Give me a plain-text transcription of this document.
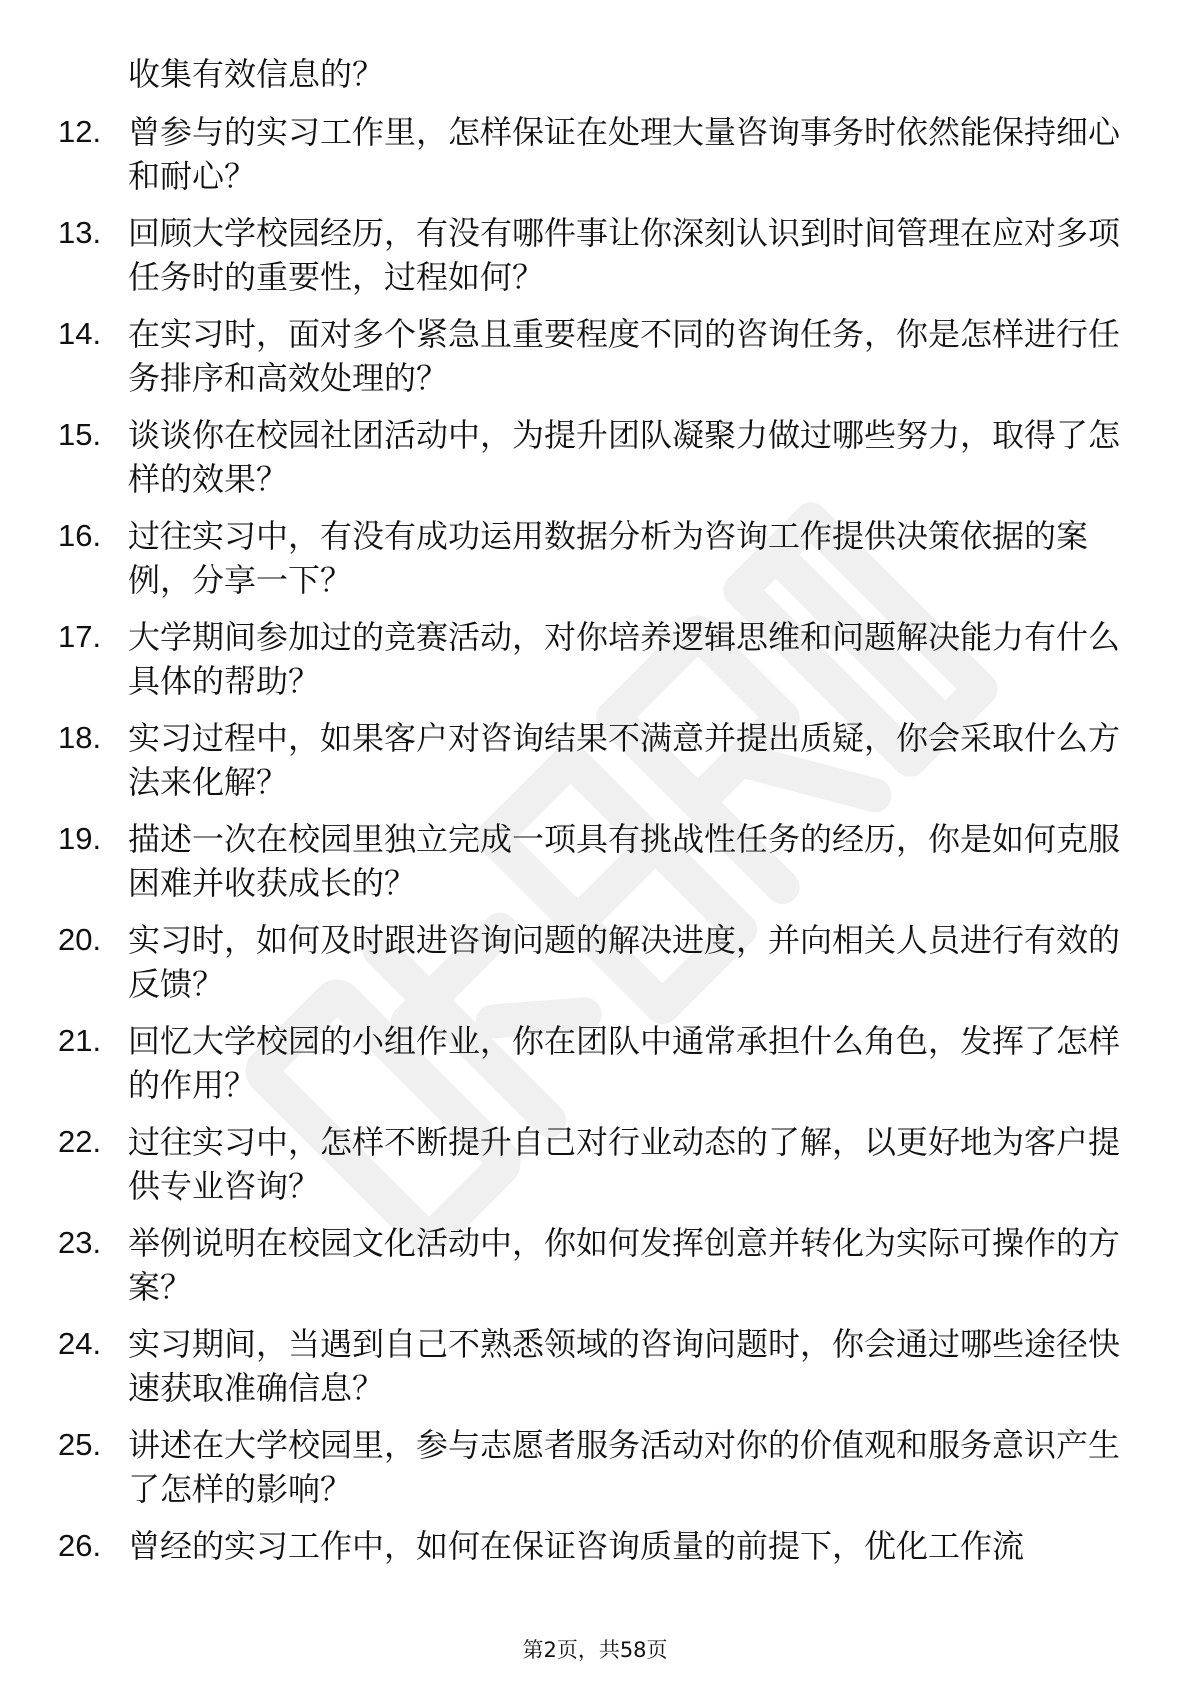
收集有效信息的？
12. 曾参与的实习工作里，怎样保证在处理大量咨询事务时依然能保持细心和耐心？
13. 回顾大学校园经历，有没有哪件事让你深刻认识到时间管理在应对多项任务时的重要性，过程如何？
14. 在实习时，面对多个紧急且重要程度不同的咨询任务，你是怎样进行任务排序和高效处理的？
15. 谈谈你在校园社团活动中，为提升团队凝聚力做过哪些努力，取得了怎样的效果？
16. 过往实习中，有没有成功运用数据分析为咨询工作提供决策依据的案例，分享一下？
17. 大学期间参加过的竞赛活动，对你培养逻辑思维和问题解决能力有什么具体的帮助？
18. 实习过程中，如果客户对咨询结果不满意并提出质疑，你会采取什么方法来化解？
19. 描述一次在校园里独立完成一项具有挑战性任务的经历，你是如何克服困难并收获成长的？
20. 实习时，如何及时跟进咨询问题的解决进度，并向相关人员进行有效的反馈？
21. 回忆大学校园的小组作业，你在团队中通常承担什么角色，发挥了怎样的作用？
22. 过往实习中，怎样不断提升自己对行业动态的了解，以更好地为客户提供专业咨询？
23. 举例说明在校园文化活动中，你如何发挥创意并转化为实际可操作的方案？
24. 实习期间，当遇到自己不熟悉领域的咨询问题时，你会通过哪些途径快速获取准确信息？
25. 讲述在大学校园里，参与志愿者服务活动对你的价值观和服务意识产生了怎样的影响？
26. 曾经的实习工作中，如何在保证咨询质量的前提下，优化工作流
第2页，共58页
